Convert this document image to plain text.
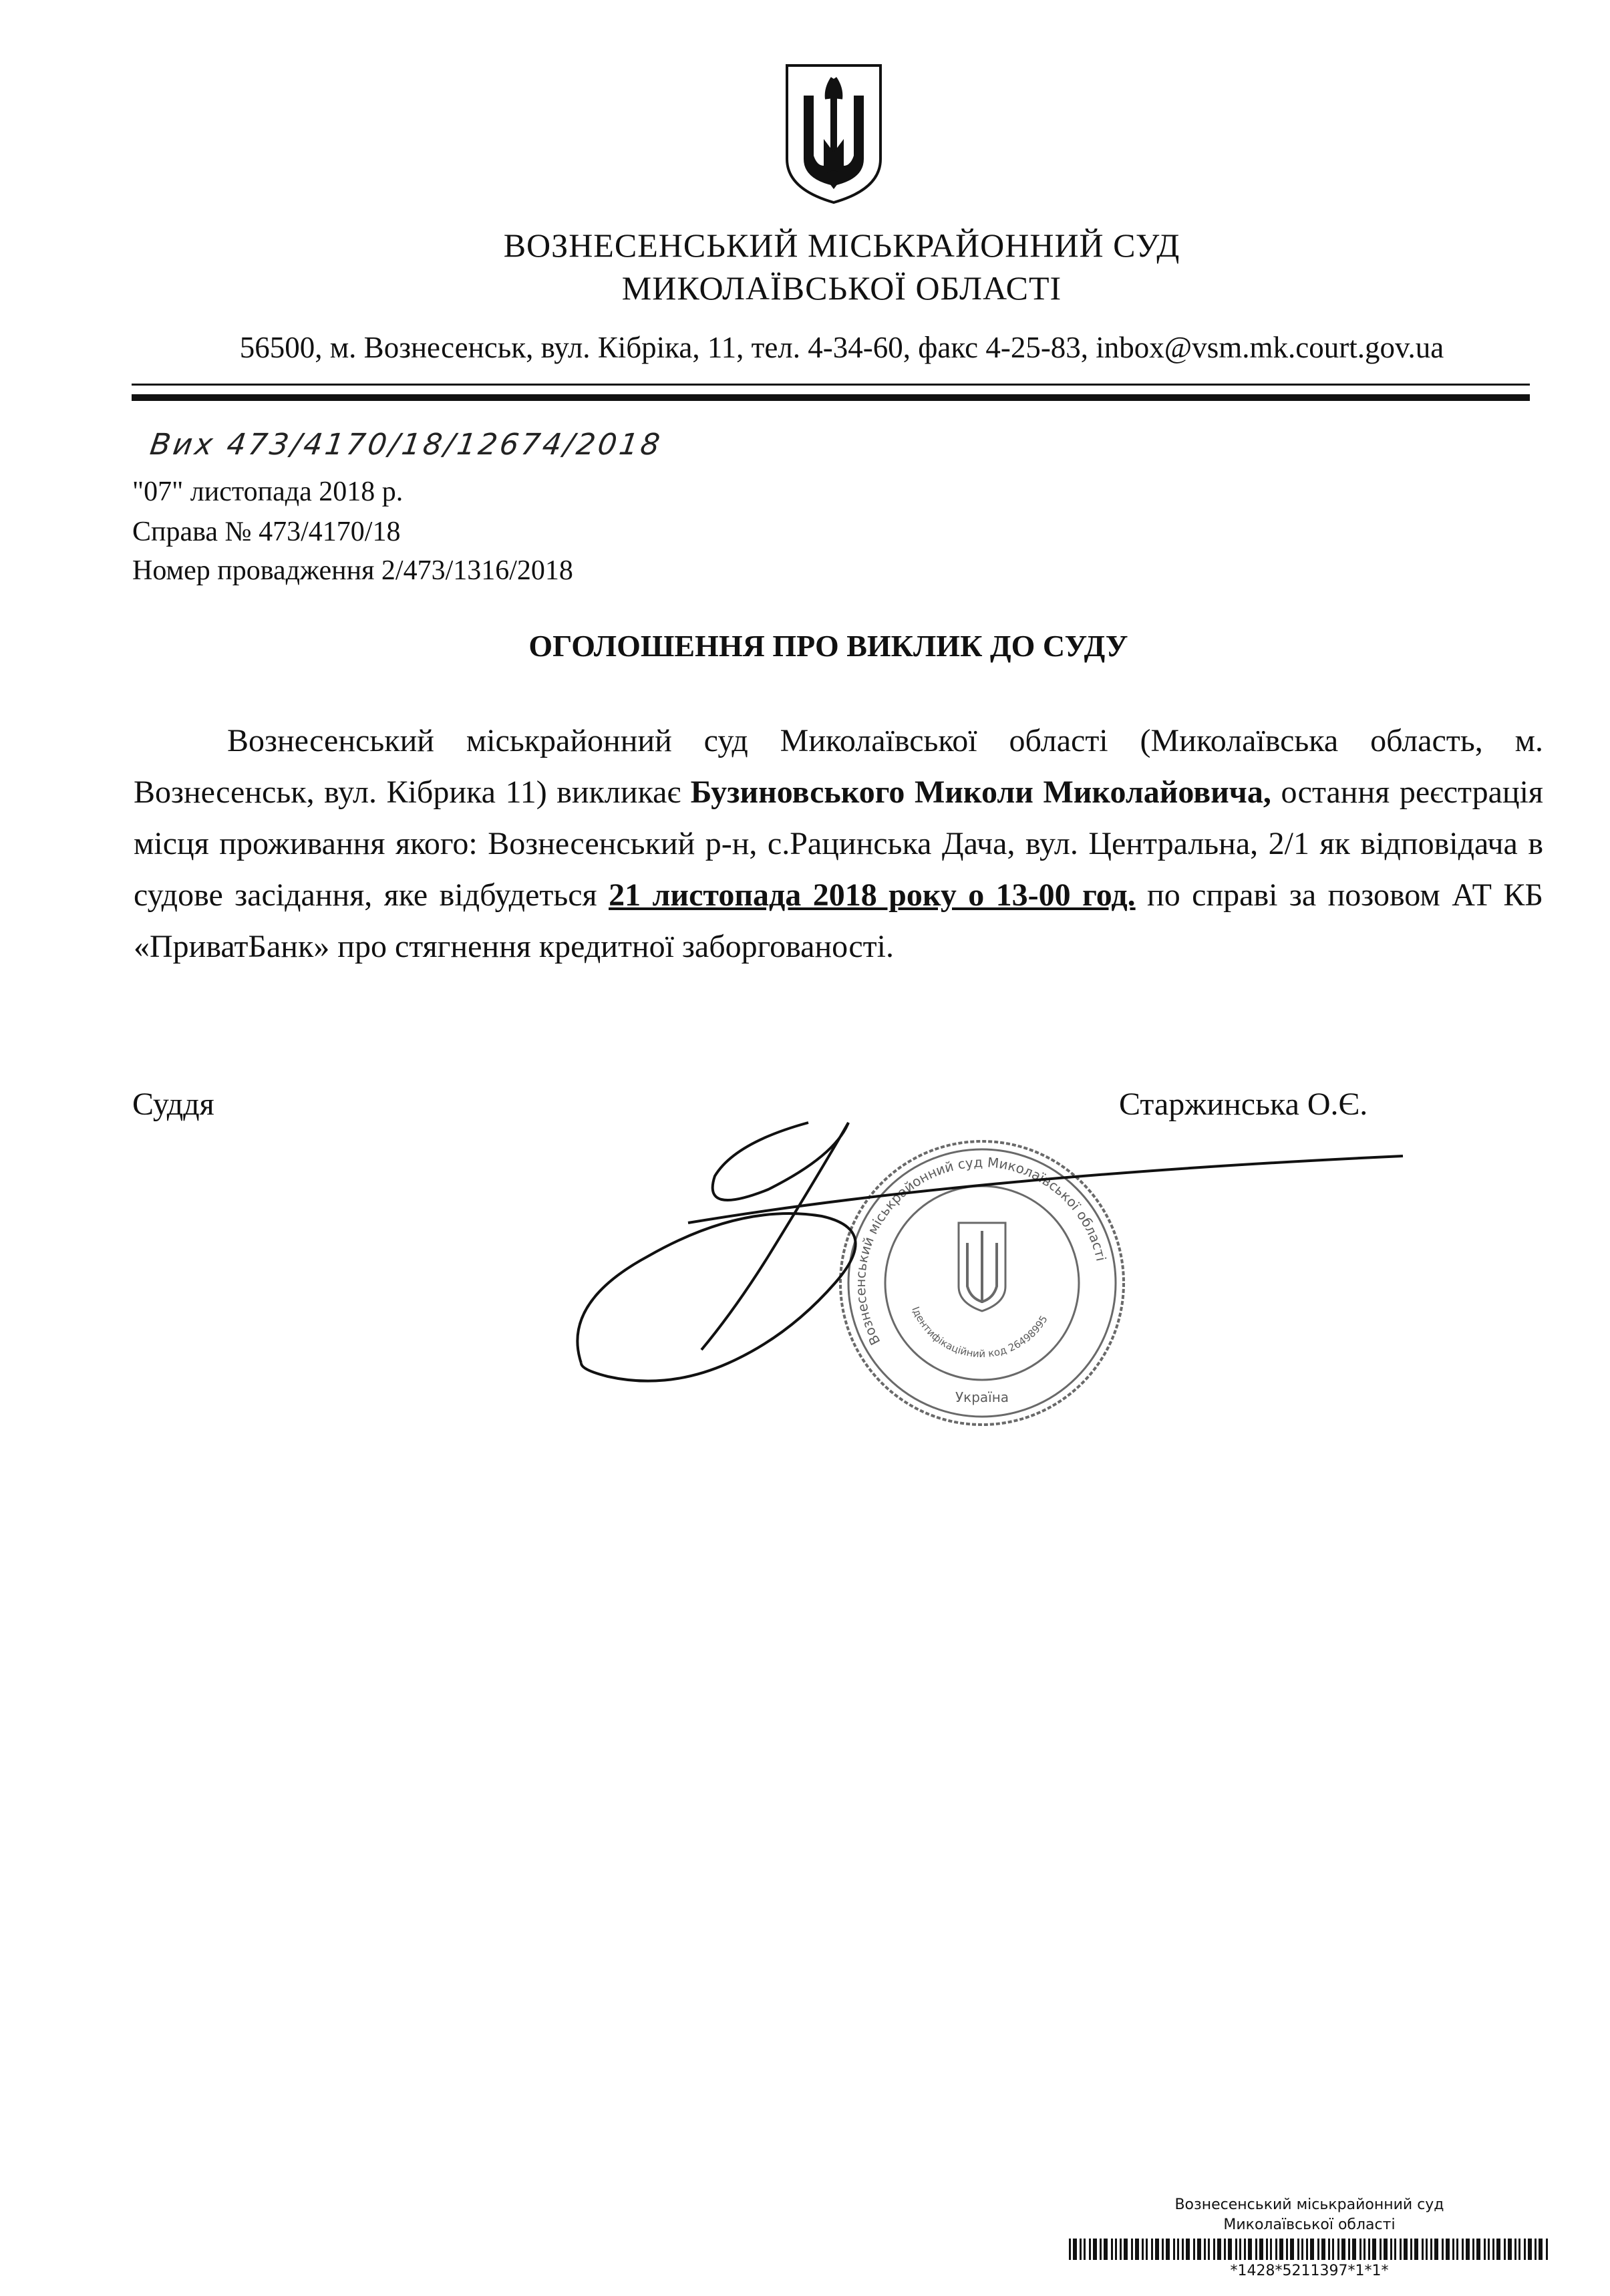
ВОЗНЕСЕНСЬКИЙ МІСЬКРАЙОННИЙ СУД
МИКОЛАЇВСЬКОЇ ОБЛАСТІ
56500, м. Вознесенськ, вул. Кібріка, 11, тел. 4-34-60, факс 4-25-83, inbox@vsm.mk.court.gov.ua
Вих 473/4170/18/12674/2018
"07" листопада 2018 р.
Справа № 473/4170/18
Номер провадження 2/473/1316/2018
ОГОЛОШЕННЯ ПРО ВИКЛИК ДО СУДУ
Вознесенський міськрайонний суд Миколаївської області (Миколаївська область, м. Вознесенськ, вул. Кібрика 11) викликає Бузиновського Миколи Миколайовича, остання реєстрація місця проживання якого: Вознесенський р-н, с.Рацинська Дача, вул. Центральна, 2/1 як відповідача в судове засідання, яке відбудеться 21 листопада 2018 року о 13-00 год. по справі за позовом АТ КБ «ПриватБанк» про стягнення кредитної заборгованості.
Суддя	Старжинська О.Є.
Вознесенський міськрайонний суд Миколаївської області
Ідентифікаційний код 26498995
Україна
Вознесенський міськрайонний суд
Миколаївської області
*1428*5211397*1*1*
